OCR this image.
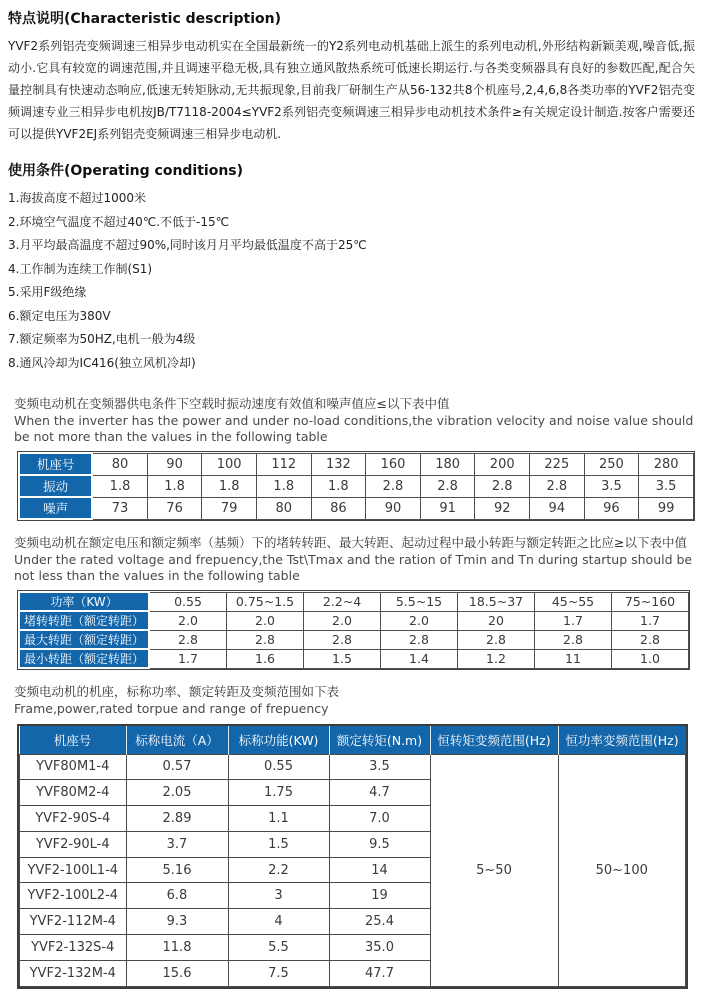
特点说明(Characteristic description)

YVF2系列铝壳变频调速三相异步电动机实在全国最新统一的Y2系列电动机基础上派生的系列电动机,外形结构新颖美观,噪音低,振动小.它具有较宽的调速范围,并且调速平稳无极,具有独立通风散热系统可低速长期运行.与各类变频器具有良好的参数匹配,配合矢量控制具有快速动态响应,低速无转矩脉动,无共振现象,目前我厂研制生产从56-132共8个机座号,2,4,6,8各类功率的YVF2铝壳变频调速专业三相异步电机按JB/T7118-2004≤YVF2系列铝壳变频调速三相异步电动机技术条件≥有关规定设计制造.按客户需要还可以提供YVF2EJ系列铝壳变频调速三相异步电动机.

使用条件(Operating conditions)
1.海拔高度不超过1000米
2.环境空气温度不超过40℃.不低于-15℃
3.月平均最高温度不超过90%,同时该月月平均最低温度不高于25℃
4.工作制为连续工作制(S1)
5.采用F级绝缘
6.额定电压为380V
7.额定频率为50HZ,电机一般为4级
8.通风冷却为IC416(独立风机冷却)

变频电动机在变频器供电条件下空载时振动速度有效值和噪声值应≤以下表中值

When the inverter has the power and under no-load conditions,the vibration velocity and noise value should be not more than the values in the following table

机座号	80	90	100	112	132	160	180	200	225	250	280
振动	1.8	1.8	1.8	1.8	1.8	2.8	2.8	2.8	2.8	3.5	3.5
噪声	73	76	79	80	86	90	91	92	94	96	99

变频电动机在额定电压和额定频率（基频）下的堵转转距、最大转距、起动过程中最小转距与额定转距之比应≥以下表中值

Under the rated voltage and frepuency,the Tst\Tmax and the ration of Tmin and Tn during startup should be not less than the values in the following table

功率（KW）	0.55	0.75~1.5	2.2~4	5.5~15	18.5~37	45~55	75~160
堵转转距（额定转距）	2.0	2.0	2.0	2.0	20	1.7	1.7
最大转距（额定转距）	2.8	2.8	2.8	2.8	2.8	2.8	2.8
最小转距（额定转距）	1.7	1.6	1.5	1.4	1.2	11	1.0

变频电动机的机座，标称功率、额定转距及变频范围如下表

Frame,power,rated torpue and range of frepuency

机座号	标称电流（A）	标称功能(KW)	额定转矩(N.m)	恒转矩变频范围(Hz)	恒功率变频范围(Hz)
YVF80M1-4	0.57	0.55	3.5	5~50	50~100
YVF80M2-4	2.05	1.75	4.7		
YVF2-90S-4	2.89	1.1	7.0		
YVF2-90L-4	3.7	1.5	9.5		
YVF2-100L1-4	5.16	2.2	14		
YVF2-100L2-4	6.8	3	19		
YVF2-112M-4	9.3	4	25.4		
YVF2-132S-4	11.8	5.5	35.0		
YVF2-132M-4	15.6	7.5	47.7		
